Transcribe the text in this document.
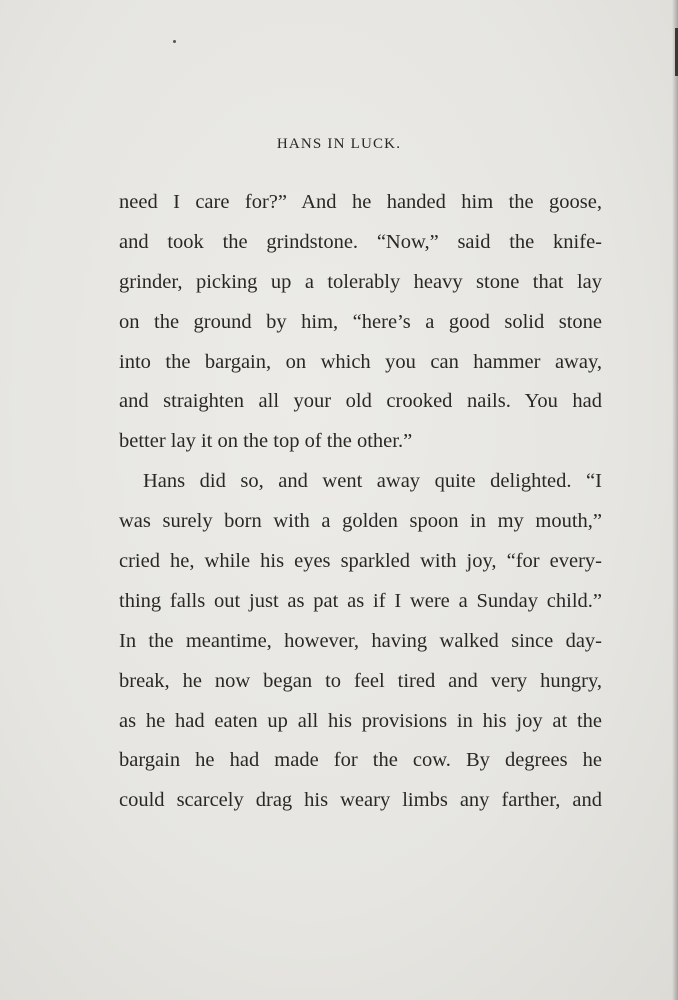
HANS IN LUCK.
need I care for?” And he handed him the goose,
and took the grindstone. “Now,” said the knife-
grinder, picking up a tolerably heavy stone that lay
on the ground by him, “here’s a good solid stone
into the bargain, on which you can hammer away,
and straighten all your old crooked nails. You had
better lay it on the top of the other.”
Hans did so, and went away quite delighted. “I
was surely born with a golden spoon in my mouth,”
cried he, while his eyes sparkled with joy, “for every-
thing falls out just as pat as if I were a Sunday child.”
In the meantime, however, having walked since day-
break, he now began to feel tired and very hungry,
as he had eaten up all his provisions in his joy at the
bargain he had made for the cow. By degrees he
could scarcely drag his weary limbs any farther, and
